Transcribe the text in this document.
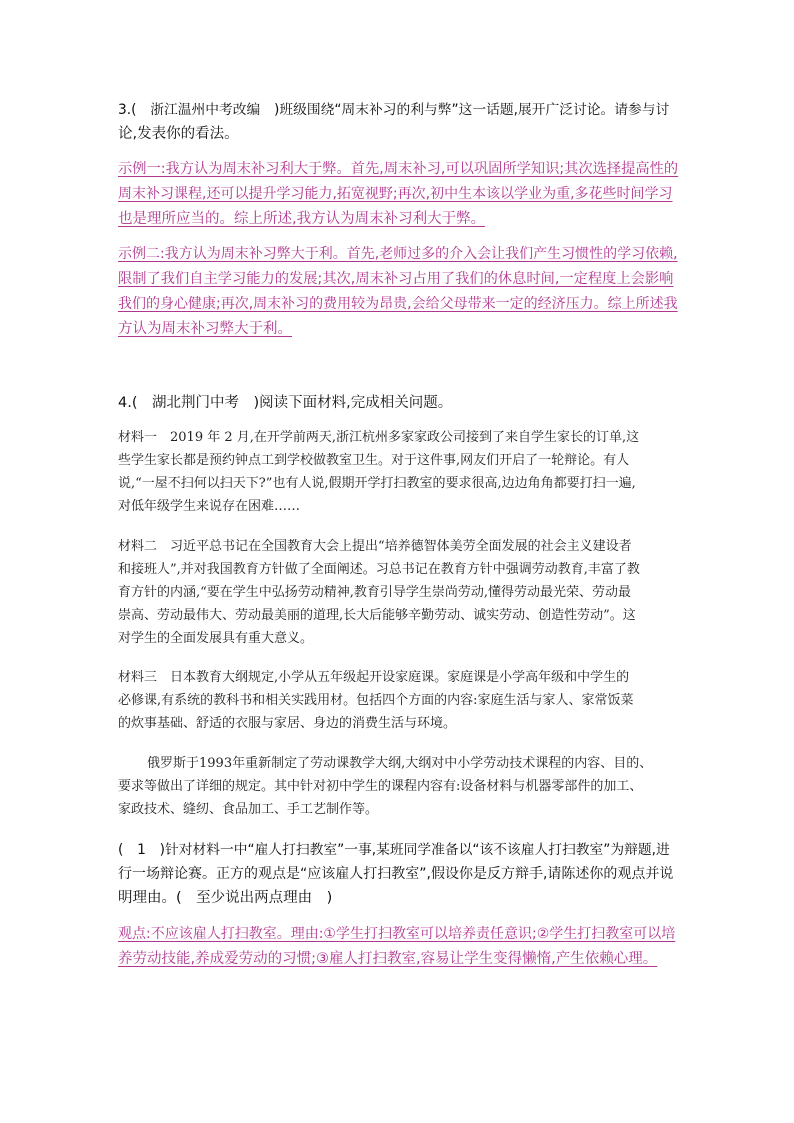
3.(　浙江温州中考改编　)班级围绕“周末补习的利与弊”这一话题,展开广泛讨论。请参与讨
论,发表你的看法。
示例一:我方认为周末补习利大于弊。首先,周末补习,可以巩固所学知识;其次选择提高性的
周末补习课程,还可以提升学习能力,拓宽视野;再次,初中生本该以学业为重,多花些时间学习
也是理所应当的。综上所述,我方认为周末补习利大于弊。
示例二:我方认为周末补习弊大于利。首先,老师过多的介入会让我们产生习惯性的学习依赖,
限制了我们自主学习能力的发展;其次,周末补习占用了我们的休息时间,一定程度上会影响
我们的身心健康;再次,周末补习的费用较为昂贵,会给父母带来一定的经济压力。综上所述我
方认为周末补习弊大于利。
4.(　湖北荆门中考　)阅读下面材料,完成相关问题。
材料一　2019 年 2 月,在开学前两天,浙江杭州多家家政公司接到了来自学生家长的订单,这
些学生家长都是预约钟点工到学校做教室卫生。对于这件事,网友们开启了一轮辩论。有人
说,“一屋不扫何以扫天下?”也有人说,假期开学打扫教室的要求很高,边边角角都要打扫一遍,
对低年级学生来说存在困难……
材料二　习近平总书记在全国教育大会上提出“培养德智体美劳全面发展的社会主义建设者
和接班人”,并对我国教育方针做了全面阐述。习总书记在教育方针中强调劳动教育,丰富了教
育方针的内涵,“要在学生中弘扬劳动精神,教育引导学生崇尚劳动,懂得劳动最光荣、劳动最
崇高、劳动最伟大、劳动最美丽的道理,长大后能够辛勤劳动、诚实劳动、创造性劳动”。这
对学生的全面发展具有重大意义。
材料三　日本教育大纲规定,小学从五年级起开设家庭课。家庭课是小学高年级和中学生的
必修课,有系统的教科书和相关实践用材。包括四个方面的内容:家庭生活与家人、家常饭菜
的炊事基础、舒适的衣服与家居、身边的消费生活与环境。
俄罗斯于1993年重新制定了劳动课教学大纲,大纲对中小学劳动技术课程的内容、目的、
要求等做出了详细的规定。其中针对初中学生的课程内容有:设备材料与机器零部件的加工、
家政技术、缝纫、食品加工、手工艺制作等。
(　1　)针对材料一中“雇人打扫教室”一事,某班同学准备以“该不该雇人打扫教室”为辩题,进
行一场辩论赛。正方的观点是“应该雇人打扫教室”,假设你是反方辩手,请陈述你的观点并说
明理由。(　至少说出两点理由　)
观点:不应该雇人打扫教室。理由:①学生打扫教室可以培养责任意识;②学生打扫教室可以培
养劳动技能,养成爱劳动的习惯;③雇人打扫教室,容易让学生变得懒惰,产生依赖心理。
